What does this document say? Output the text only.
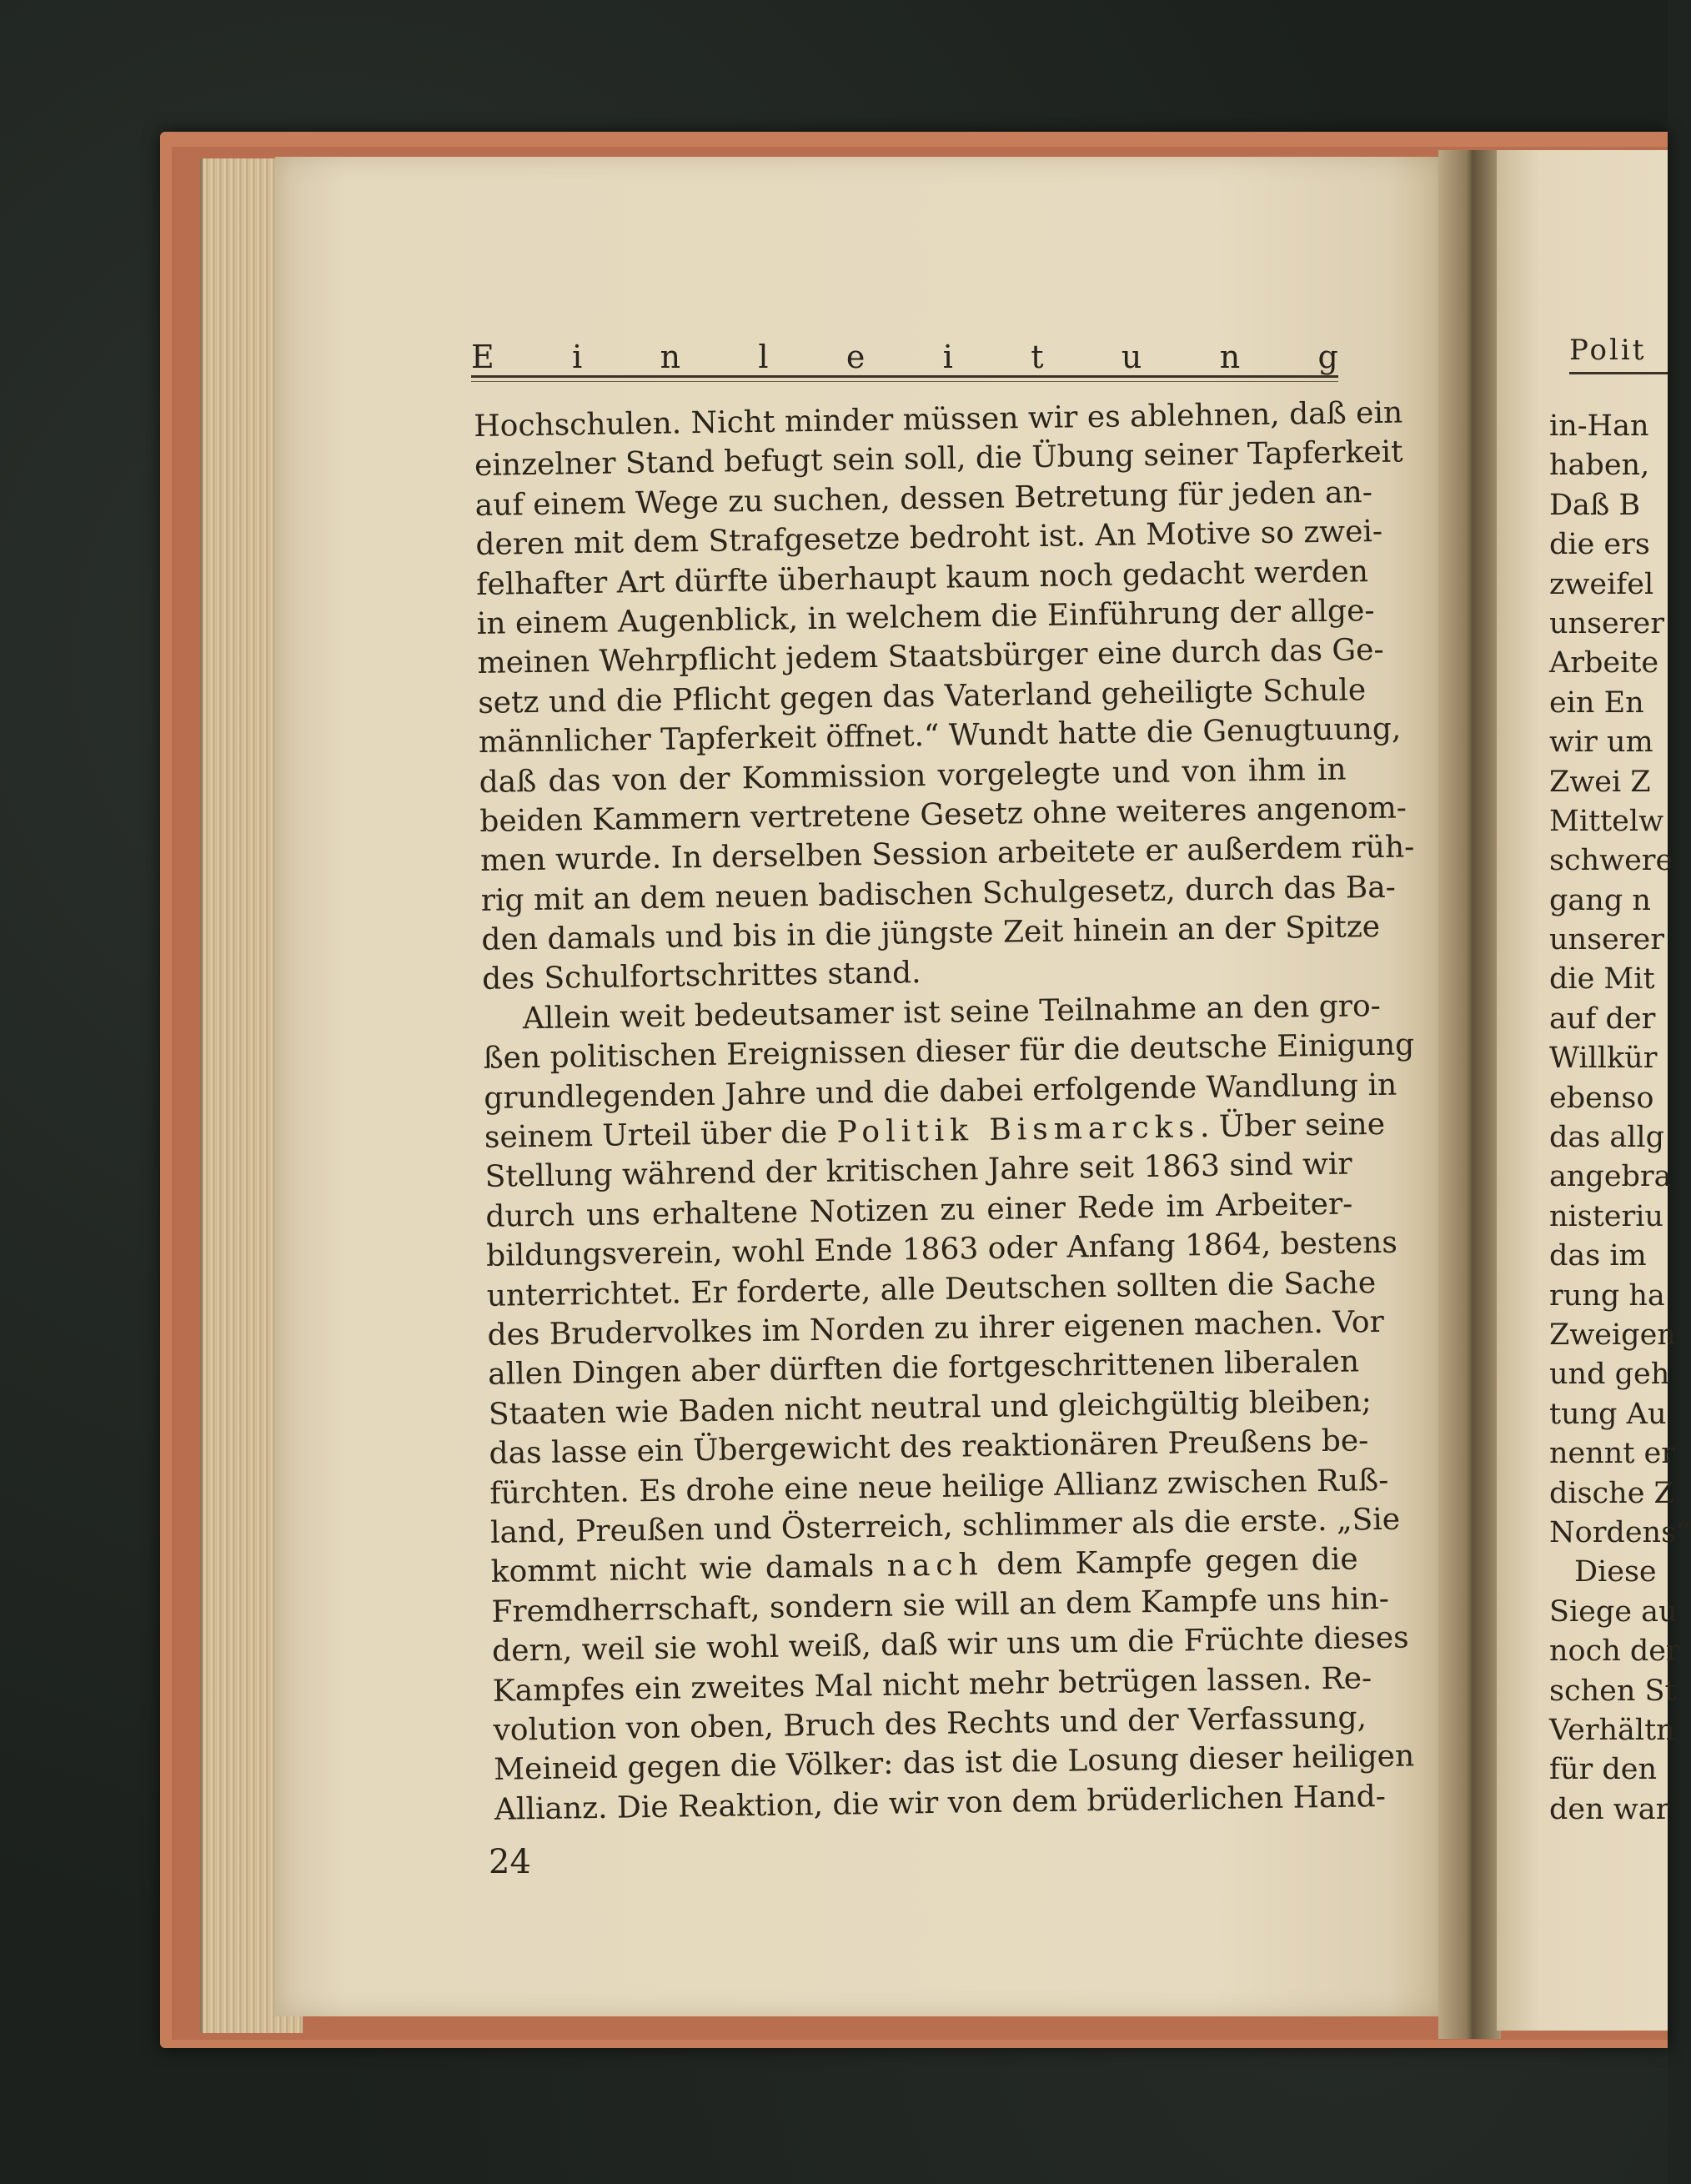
E i n l e i t u n g
Hochschulen. Nicht minder müssen wir es ablehnen, daß ein
einzelner Stand befugt sein soll, die Übung seiner Tapferkeit
auf einem Wege zu suchen, dessen Betretung für jeden an-
deren mit dem Strafgesetze bedroht ist. An Motive so zwei-
felhafter Art dürfte überhaupt kaum noch gedacht werden
in einem Augenblick, in welchem die Einführung der allge-
meinen Wehrpflicht jedem Staatsbürger eine durch das Ge-
setz und die Pflicht gegen das Vaterland geheiligte Schule
männlicher Tapferkeit öffnet.“ Wundt hatte die Genugtuung,
daß das von der Kommission vorgelegte und von ihm in
beiden Kammern vertretene Gesetz ohne weiteres angenom-
men wurde. In derselben Session arbeitete er außerdem rüh-
rig mit an dem neuen badischen Schulgesetz, durch das Ba-
den damals und bis in die jüngste Zeit hinein an der Spitze
des Schulfortschrittes stand.
Allein weit bedeutsamer ist seine Teilnahme an den gro-
ßen politischen Ereignissen dieser für die deutsche Einigung
grundlegenden Jahre und die dabei erfolgende Wandlung in
seinem Urteil über die Politik Bismarcks. Über seine
Stellung während der kritischen Jahre seit 1863 sind wir
durch uns erhaltene Notizen zu einer Rede im Arbeiter-
bildungsverein, wohl Ende 1863 oder Anfang 1864, bestens
unterrichtet. Er forderte, alle Deutschen sollten die Sache
des Brudervolkes im Norden zu ihrer eigenen machen. Vor
allen Dingen aber dürften die fortgeschrittenen liberalen
Staaten wie Baden nicht neutral und gleichgültig bleiben;
das lasse ein Übergewicht des reaktionären Preußens be-
fürchten. Es drohe eine neue heilige Allianz zwischen Ruß-
land, Preußen und Österreich, schlimmer als die erste. „Sie
kommt nicht wie damals nach dem Kampfe gegen die
Fremdherrschaft, sondern sie will an dem Kampfe uns hin-
dern, weil sie wohl weiß, daß wir uns um die Früchte dieses
Kampfes ein zweites Mal nicht mehr betrügen lassen. Re-
volution von oben, Bruch des Rechts und der Verfassung,
Meineid gegen die Völker: das ist die Losung dieser heiligen
Allianz. Die Reaktion, die wir von dem brüderlichen Hand-
24
Polit
in-Han
haben,
Daß B
die ers
zweifel
unserer
Arbeite
ein En
wir um
Zwei Z
Mittelw
schwere
gang n
unserer
die Mit
auf der
Willkür
ebenso
das allg
angebra
nisteriu
das im
rung ha
Zweigen
und geh
tung Au
nennt er
dische Z
Nordens“
Diese
Siege au
noch der
schen St
Verhältn
für den
den war
